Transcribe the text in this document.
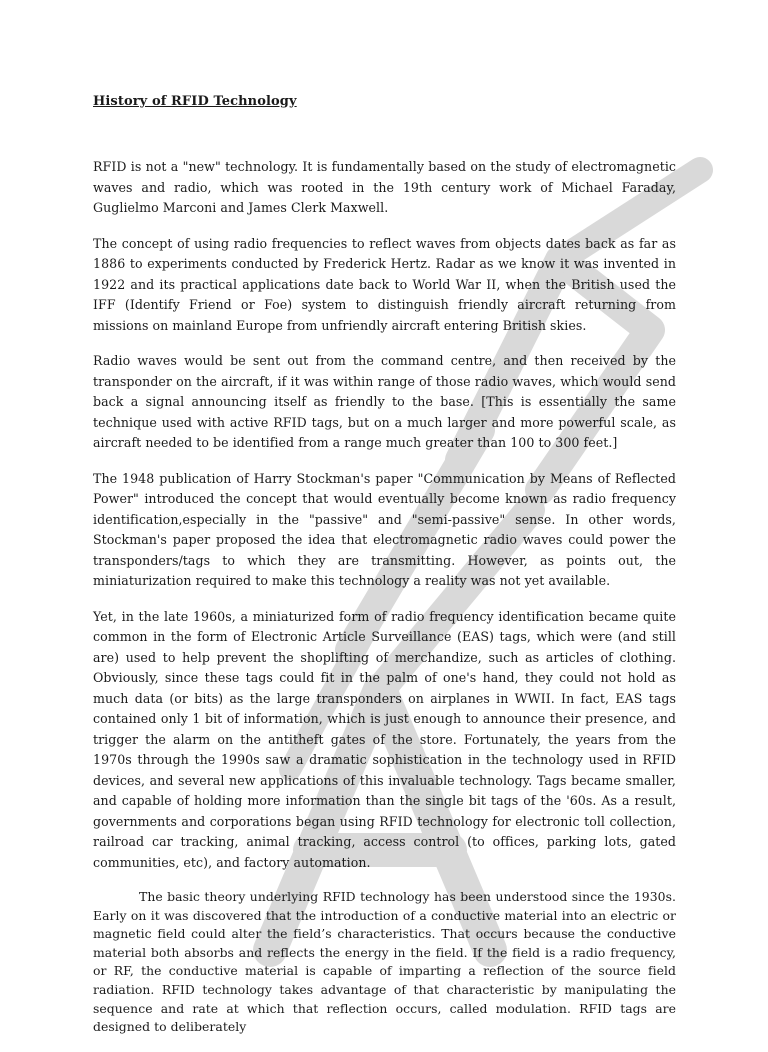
History of RFID Technology

RFID is not a "new" technology. It is fundamentally based on the study of electromagnetic waves and radio, which was rooted in the 19th century work of Michael Faraday, Guglielmo Marconi and James Clerk Maxwell.

The concept of using radio frequencies to reflect waves from objects dates back as far as 1886 to experiments conducted by Frederick Hertz. Radar as we know it was invented in 1922 and its practical applications date back to World War II, when the British used the IFF (Identify Friend or Foe) system to distinguish friendly aircraft returning from missions on mainland Europe from unfriendly aircraft entering British skies.

Radio waves would be sent out from the command centre, and then received by the transponder on the aircraft, if it was within range of those radio waves, which would send back a signal announcing itself as friendly to the base. [This is essentially the same technique used with active RFID tags, but on a much larger and more powerful scale, as aircraft needed to be identified from a range much greater than 100 to 300 feet.]

The 1948 publication of Harry Stockman's paper "Communication by Means of Reflected Power" introduced the concept that would eventually become known as radio frequency identification,especially in the "passive" and "semi-passive" sense. In other words, Stockman's paper proposed the idea that electromagnetic radio waves could power the transponders/tags to which they are transmitting. However, as points out, the miniaturization required to make this technology a reality was not yet available.

Yet, in the late 1960s, a miniaturized form of radio frequency identification became quite common in the form of Electronic Article Surveillance (EAS) tags, which were (and still are) used to help prevent the shoplifting of merchandize, such as articles of clothing. Obviously, since these tags could fit in the palm of one's hand, they could not hold as much data (or bits) as the large transponders on airplanes in WWII. In fact, EAS tags contained only 1 bit of information, which is just enough to announce their presence, and trigger the alarm on the antitheft gates of the store. Fortunately, the years from the 1970s through the 1990s saw a dramatic sophistication in the technology used in RFID devices, and several new applications of this invaluable technology. Tags became smaller, and capable of holding more information than the single bit tags of the '60s. As a result, governments and corporations began using RFID technology for electronic toll collection, railroad car tracking, animal tracking, access control (to offices, parking lots, gated communities, etc), and factory automation.

The basic theory underlying RFID technology has been understood since the 1930s. Early on it was discovered that the introduction of a conductive material into an electric or magnetic field could alter the field’s characteristics. That occurs because the conductive material both absorbs and reflects the energy in the field. If the field is a radio frequency, or RF, the conductive material is capable of imparting a reflection of the source field radiation. RFID technology takes advantage of that characteristic by manipulating the sequence and rate at which that reflection occurs, called modulation. RFID tags are designed to deliberately
